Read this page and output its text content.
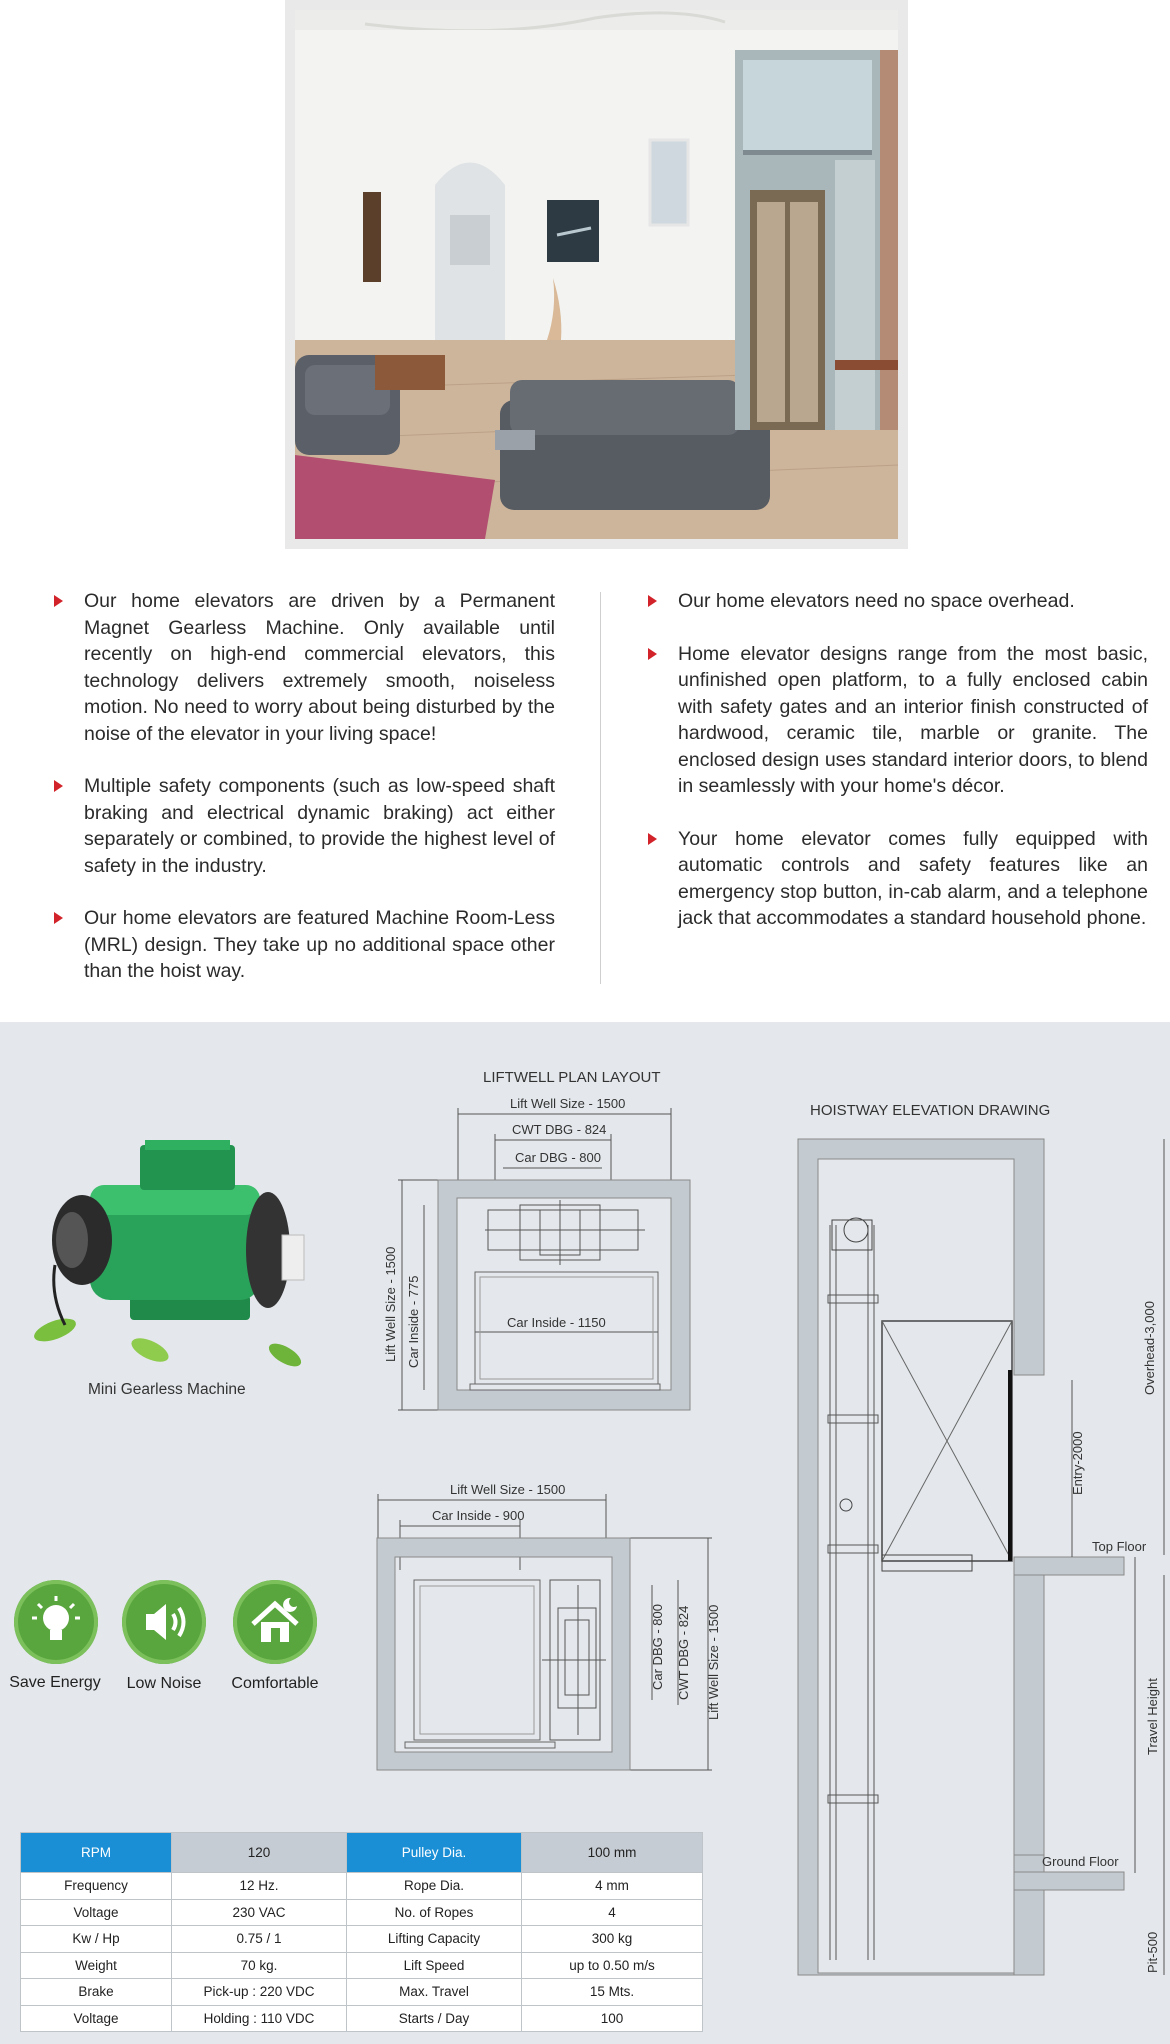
Our home elevators are driven by a Permanent Magnet Gearless Machine. Only available until recently on high-end commercial elevators, this technology delivers extremely smooth, noiseless motion. No need to worry about being disturbed by the noise of the elevator in your living space!
Multiple safety components (such as low-speed shaft braking and electrical dynamic braking) act either separately or combined, to provide the highest level of safety in the industry.
Our home elevators are featured Machine Room-Less (MRL) design. They take up no additional space other than the hoist way.
Our home elevators need no space overhead.
Home elevator designs range from the most basic, unfinished open platform, to a fully enclosed cabin with safety gates and an interior finish constructed of hardwood, ceramic tile, marble or granite. The enclosed design uses standard interior doors, to blend in seamlessly with your home's décor.
Your home elevator comes fully equipped with automatic controls and safety features like an emergency stop button, in-cab alarm, and a telephone jack that accommodates a standard household phone.
Mini Gearless Machine
Save Energy	Low Noise	Comfortable
LIFTWELL PLAN LAYOUT
Lift Well Size - 1500
CWT DBG - 824
Car DBG - 800
Car Inside - 1150
Lift Well Size - 1500 Car Inside - 775
Lift Well Size - 1500
Car Inside - 900
Car DBG - 800 CWT DBG - 824 Lift Well Size - 1500
HOISTWAY ELEVATION DRAWING
Overhead-3,000
Entry-2000
Top Floor
Travel Height
Ground Floor
Pit-500
RPM	120	Pulley Dia.	100 mm
Frequency	12 Hz.	Rope Dia.	4 mm
Voltage	230 VAC	No. of Ropes	4
Kw / Hp	0.75 / 1	Lifting Capacity	300 kg
Weight	70 kg.	Lift Speed	up to 0.50 m/s
Brake	Pick-up : 220 VDC	Max. Travel	15 Mts.
Voltage	Holding : 110 VDC	Starts / Day	100
